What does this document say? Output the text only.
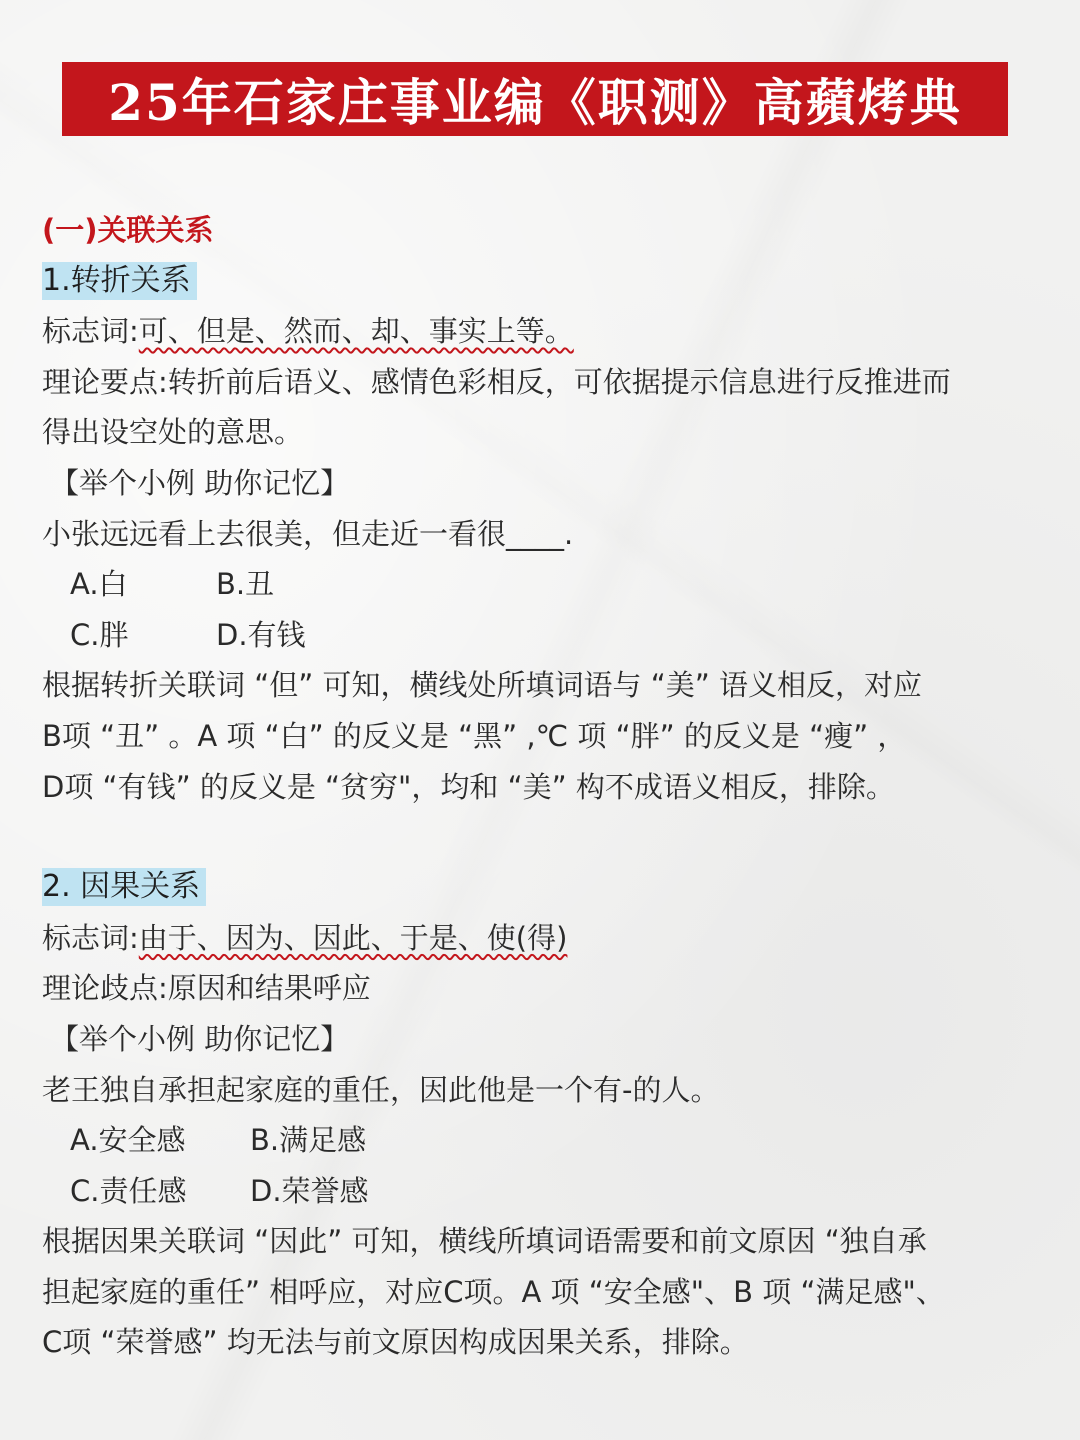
25年石家庄事业编《职测》高蘋烤典
(一)关联关系
1.转折关系
标志词:可、但是、然而、却、事实上等。
理论要点:转折前后语义、感情色彩相反，可依据提示信息进行反推进而
得出设空处的意思。
【举个小例 助你记忆】
小张远远看上去很美，但走近一看很____.
A.白	B.丑
C.胖	D.有钱
根据转折关联词 “但” 可知，横线处所填词语与 “美” 语义相反，对应
B项 “丑” 。A 项 “白” 的反义是 “黑” ,℃ 项 “胖” 的反义是 “瘦” ，
D项 “有钱” 的反义是 “贫穷"，均和 “美” 构不成语义相反，排除。
2. 因果关系
标志词:由于、因为、因此、于是、使(得)
理论歧点:原因和结果呼应
【举个小例 助你记忆】
老王独自承担起家庭的重任，因此他是一个有-的人。
A.安全感 B.满足感
C.责任感 D.荣誉感
根据因果关联词 “因此” 可知，横线所填词语需要和前文原因 “独自承
担起家庭的重任” 相呼应，对应C项。A 项 “安全感"、B 项 “满足感"、
C项 “荣誉感” 均无法与前文原因构成因果关系，排除。
